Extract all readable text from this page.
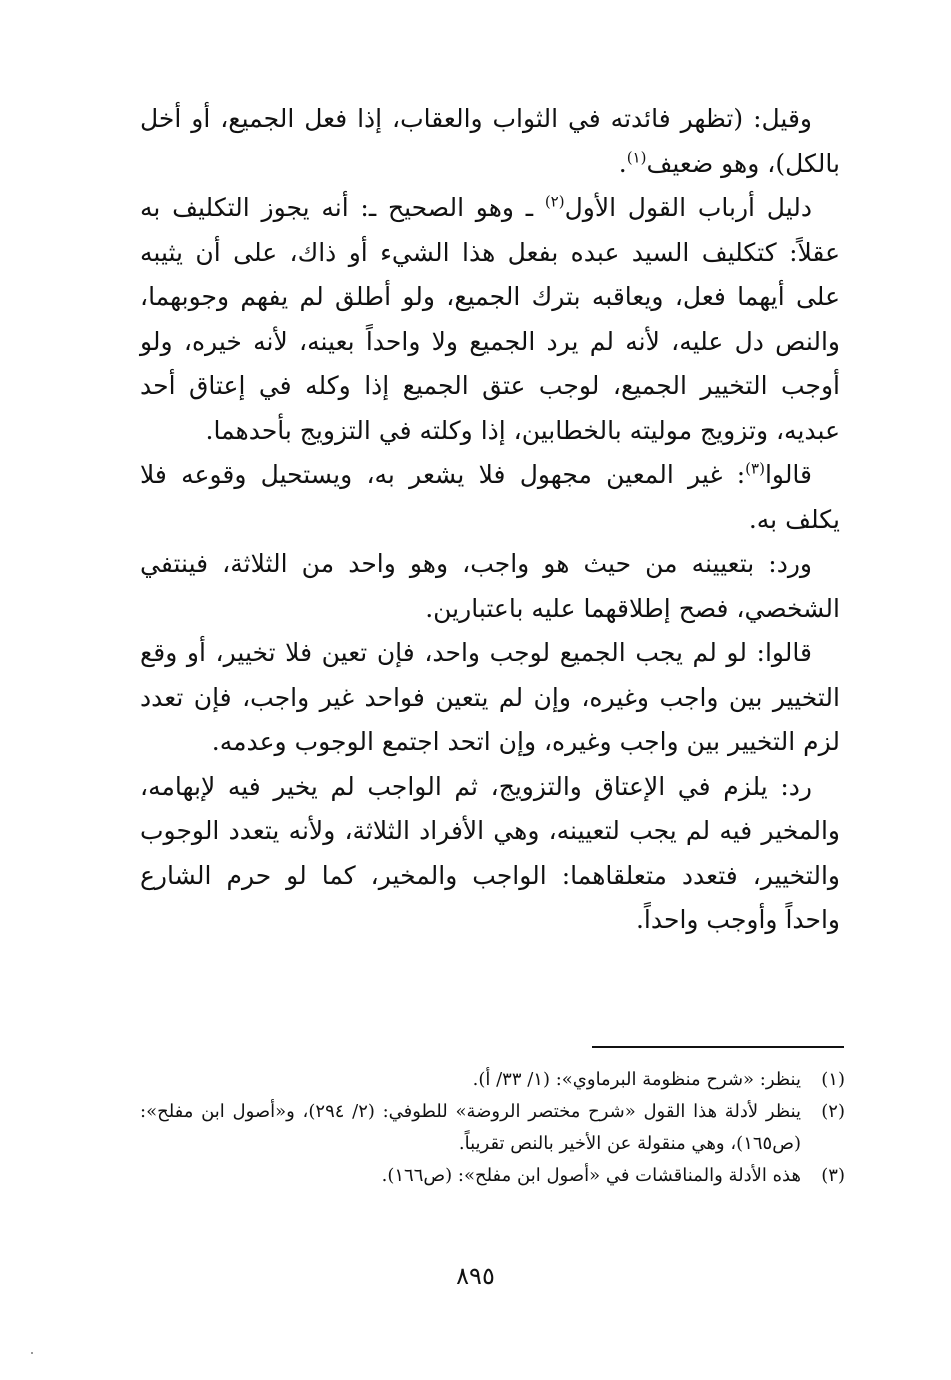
وقيل: (تظهر فائدته في الثواب والعقاب، إذا فعل الجميع، أو أخل بالكل)، وهو ضعيف$^{(١)}$.

دليل أرباب القول الأول$^{(٢)}$ ـ وهو الصحيح ـ: أنه يجوز التكليف به عقلاً: كتكليف السيد عبده بفعل هذا الشيء أو ذاك، على أن يثيبه على أيهما فعل، ويعاقبه بترك الجميع، ولو أطلق لم يفهم وجوبهما، والنص دل عليه، لأنه لم يرد الجميع ولا واحداً بعينه، لأنه خيره، ولو أوجب التخيير الجميع، لوجب عتق الجميع إذا وكله في إعتاق أحد عبديه، وتزويج موليته بالخطابين، إذا وكلته في التزويج بأحدهما.

قالوا$^{(٣)}$: غير المعين مجهول فلا يشعر به، ويستحيل وقوعه فلا يكلف به.

ورد: بتعيينه من حيث هو واجب، وهو واحد من الثلاثة، فينتفي الشخصي، فصح إطلاقهما عليه باعتبارين.

قالوا: لو لم يجب الجميع لوجب واحد، فإن تعين فلا تخيير، أو وقع التخيير بين واجب وغيره، وإن لم يتعين فواحد غير واجب، فإن تعدد لزم التخيير بين واجب وغيره، وإن اتحد اجتمع الوجوب وعدمه.

رد: يلزم في الإعتاق والتزويج، ثم الواجب لم يخير فيه لإبهامه، والمخير فيه لم يجب لتعيينه، وهي الأفراد الثلاثة، ولأنه يتعدد الوجوب والتخيير، فتعدد متعلقاهما: الواجب والمخير، كما لو حرم الشارع واحداً وأوجب واحداً.

(١)
ينظر: «شرح منظومة البرماوي»: (١/ ٣٣/ أ).
(٢)
ينظر لأدلة هذا القول «شرح مختصر الروضة» للطوفي: (٢/ ٢٩٤)، و«أصول ابن مفلح»: (ص١٦٥)، وهي منقولة عن الأخير بالنص تقريباً.
(٣)
هذه الأدلة والمناقشات في «أصول ابن مفلح»: (ص١٦٦).
٨٩٥
